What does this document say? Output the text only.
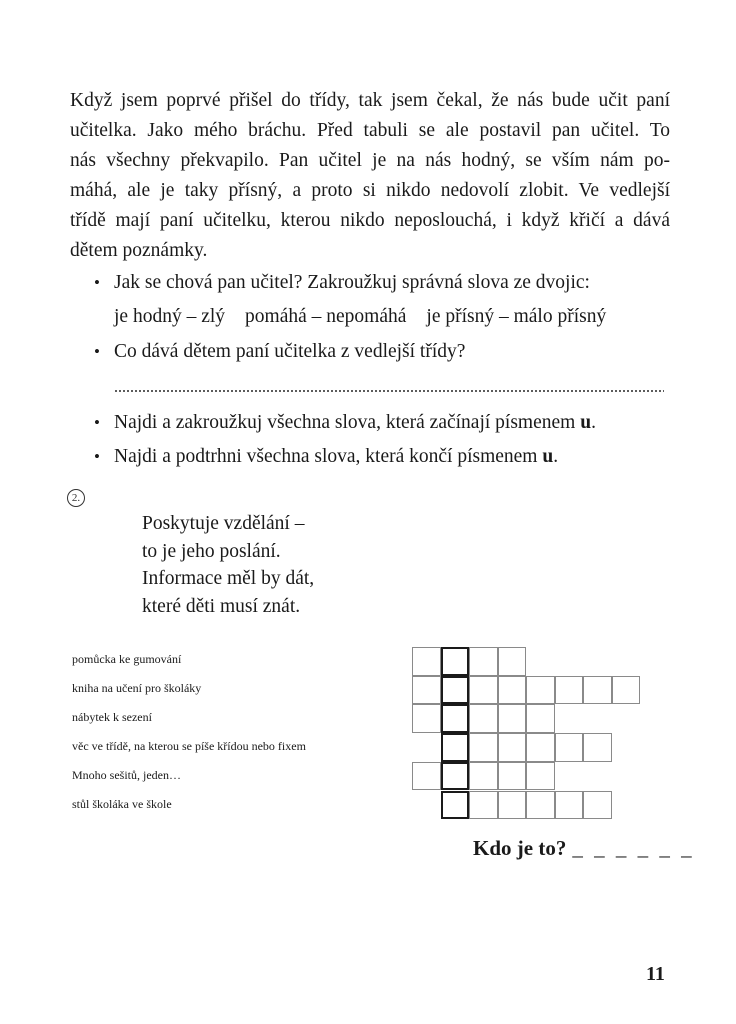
Když jsem poprvé přišel do třídy, tak jsem čekal, že nás bude učit paní
učitelka. Jako mého bráchu. Před tabuli se ale postavil pan učitel. To
nás všechny překvapilo. Pan učitel je na nás hodný, se vším nám po-
máhá, ale je taky přísný, a proto si nikdo nedovolí zlobit. Ve vedlejší
třídě mají paní učitelku, kterou nikdo neposlouchá, i když křičí a dává
dětem poznámky.
• Jak se chová pan učitel? Zakroužkuj správná slova ze dvojic:
je hodný – zlý pomáhá – nepomáhá je přísný – málo přísný
• Co dává dětem paní učitelka z vedlejší třídy?
• Najdi a zakroužkuj všechna slova, která začínají písmenem u.
• Najdi a podtrhni všechna slova, která končí písmenem u.
2.
Poskytuje vzdělání –
to je jeho poslání.
Informace měl by dát,
které děti musí znát.
pomůcka ke gumování
kniha na učení pro školáky
nábytek k sezení
věc ve třídě, na kterou se píše křídou nebo fixem
Mnoho sešitů, jeden…
stůl školáka ve škole
Kdo je to? _ _ _ _ _ _
11
